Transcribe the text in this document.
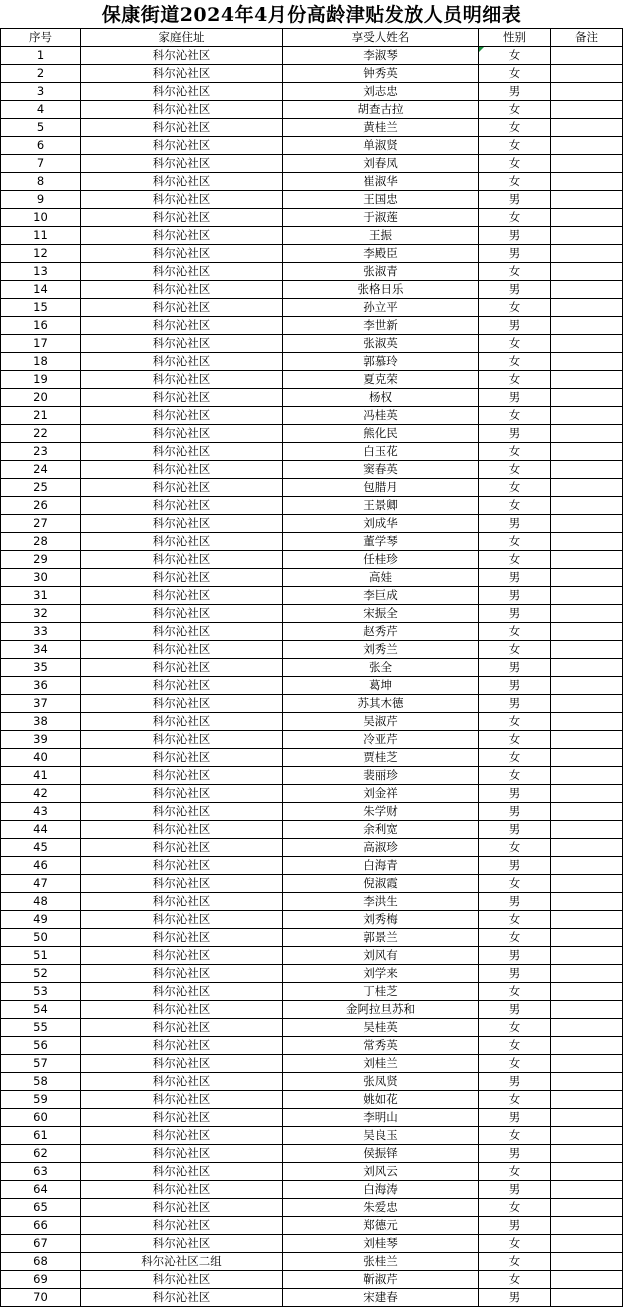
保康街道2024年4月份高龄津贴发放人员明细表
序号	家庭住址	享受人姓名	性别	备注
1	科尔沁社区	李淑琴	女	
2	科尔沁社区	钟秀英	女	
3	科尔沁社区	刘志忠	男	
4	科尔沁社区	胡查古拉	女	
5	科尔沁社区	黄桂兰	女	
6	科尔沁社区	单淑贤	女	
7	科尔沁社区	刘春凤	女	
8	科尔沁社区	崔淑华	女	
9	科尔沁社区	王国忠	男	
10	科尔沁社区	于淑莲	女	
11	科尔沁社区	王振	男	
12	科尔沁社区	李殿臣	男	
13	科尔沁社区	张淑青	女	
14	科尔沁社区	张格日乐	男	
15	科尔沁社区	孙立平	女	
16	科尔沁社区	李世新	男	
17	科尔沁社区	张淑英	女	
18	科尔沁社区	郭慕玲	女	
19	科尔沁社区	夏克荣	女	
20	科尔沁社区	杨权	男	
21	科尔沁社区	冯桂英	女	
22	科尔沁社区	熊化民	男	
23	科尔沁社区	白玉花	女	
24	科尔沁社区	窦春英	女	
25	科尔沁社区	包腊月	女	
26	科尔沁社区	王景卿	女	
27	科尔沁社区	刘成华	男	
28	科尔沁社区	董学琴	女	
29	科尔沁社区	任桂珍	女	
30	科尔沁社区	高娃	男	
31	科尔沁社区	李巨成	男	
32	科尔沁社区	宋振全	男	
33	科尔沁社区	赵秀芹	女	
34	科尔沁社区	刘秀兰	女	
35	科尔沁社区	张全	男	
36	科尔沁社区	葛坤	男	
37	科尔沁社区	苏其木德	男	
38	科尔沁社区	吴淑芹	女	
39	科尔沁社区	冷亚芹	女	
40	科尔沁社区	贾桂芝	女	
41	科尔沁社区	裴丽珍	女	
42	科尔沁社区	刘金祥	男	
43	科尔沁社区	朱学财	男	
44	科尔沁社区	余利宽	男	
45	科尔沁社区	高淑珍	女	
46	科尔沁社区	白海青	男	
47	科尔沁社区	倪淑霞	女	
48	科尔沁社区	李洪生	男	
49	科尔沁社区	刘秀梅	女	
50	科尔沁社区	郭景兰	女	
51	科尔沁社区	刘风有	男	
52	科尔沁社区	刘学来	男	
53	科尔沁社区	丁桂芝	女	
54	科尔沁社区	金阿拉旦苏和	男	
55	科尔沁社区	吴桂英	女	
56	科尔沁社区	常秀英	女	
57	科尔沁社区	刘桂兰	女	
58	科尔沁社区	张凤贤	男	
59	科尔沁社区	姚如花	女	
60	科尔沁社区	李明山	男	
61	科尔沁社区	吴良玉	女	
62	科尔沁社区	侯振铎	男	
63	科尔沁社区	刘风云	女	
64	科尔沁社区	白海涛	男	
65	科尔沁社区	朱爱忠	女	
66	科尔沁社区	郑德元	男	
67	科尔沁社区	刘桂琴	女	
68	科尔沁社区二组	张桂兰	女	
69	科尔沁社区	靳淑芹	女	
70	科尔沁社区	宋建春	男	
